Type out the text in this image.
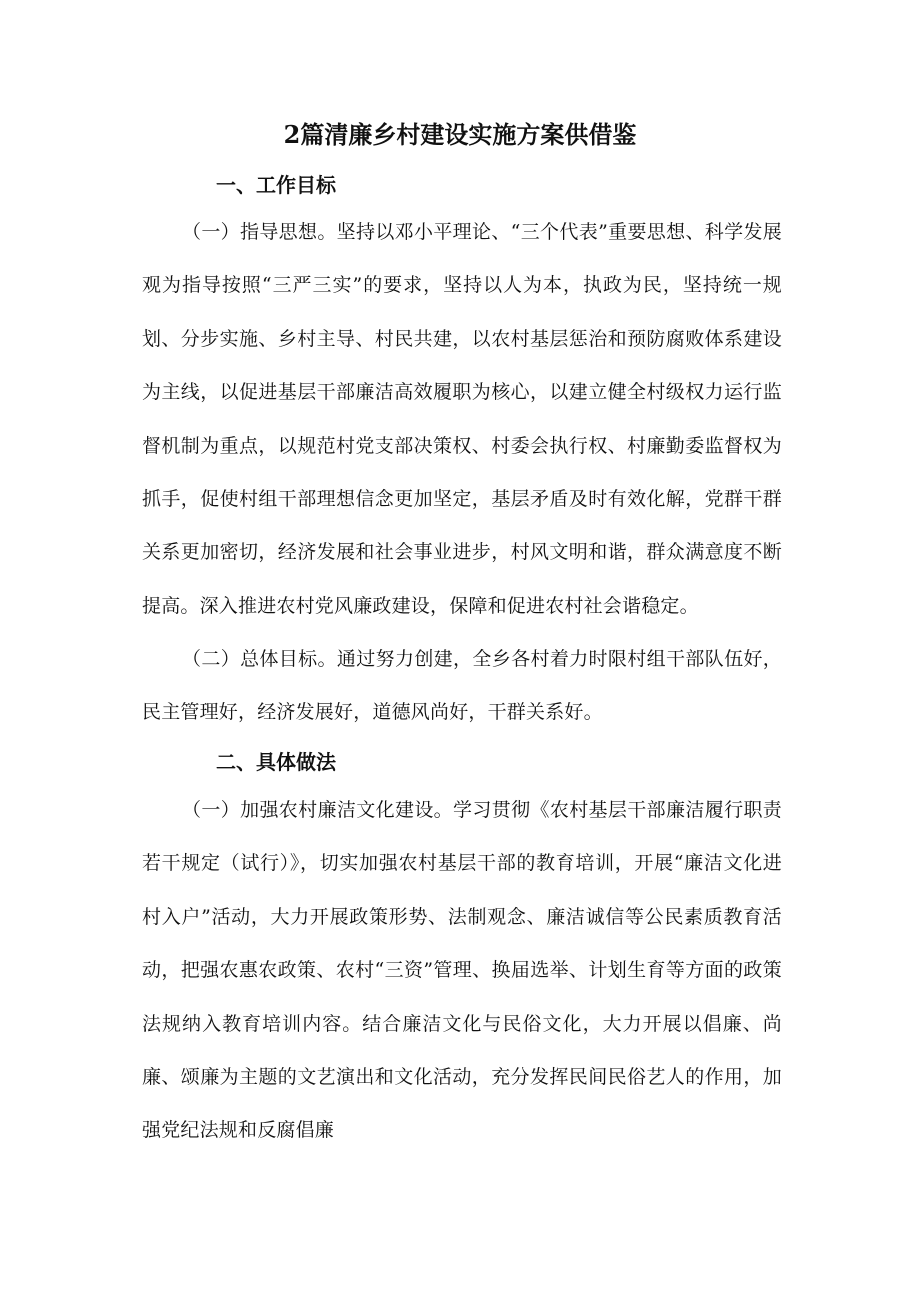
2篇清廉乡村建设实施方案供借鉴
一、工作目标

（一）指导思想。坚持以邓小平理论、“三个代表”重要思想、科学发展观为指导按照“三严三实”的要求，坚持以人为本，执政为民，坚持统一规划、分步实施、乡村主导、村民共建，以农村基层惩治和预防腐败体系建设为主线，以促进基层干部廉洁高效履职为核心，以建立健全村级权力运行监督机制为重点，以规范村党支部决策权、村委会执行权、村廉勤委监督权为抓手，促使村组干部理想信念更加坚定，基层矛盾及时有效化解，党群干群关系更加密切，经济发展和社会事业进步，村风文明和谐，群众满意度不断提高。深入推进农村党风廉政建设，保障和促进农村社会谐稳定。

（二）总体目标。通过努力创建，全乡各村着力时限村组干部队伍好，民主管理好，经济发展好，道德风尚好，干群关系好。

二、具体做法

（一）加强农村廉洁文化建设。学习贯彻《农村基层干部廉洁履行职责若干规定（试行）》，切实加强农村基层干部的教育培训，开展“廉洁文化进村入户”活动，大力开展政策形势、法制观念、廉洁诚信等公民素质教育活动，把强农惠农政策、农村“三资”管理、换届选举、计划生育等方面的政策法规纳入教育培训内容。结合廉洁文化与民俗文化，大力开展以倡廉、尚廉、颂廉为主题的文艺演出和文化活动，充分发挥民间民俗艺人的作用，加强党纪法规和反腐倡廉
